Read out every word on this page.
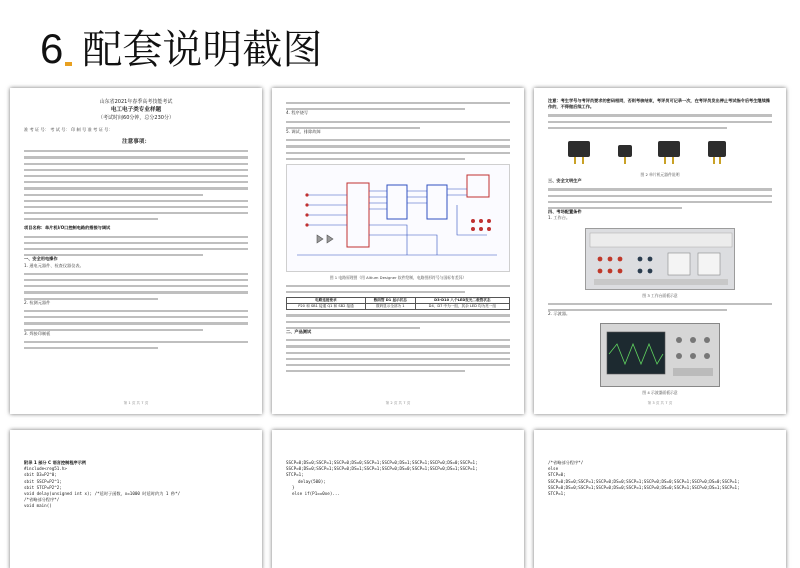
6 配套说明截图
山东省2021年春季高考技能考试
电工电子类专业样题
（考试时间60分钟，总分230分）
准 考 证 号： 考 试 号： 印 制 号 准 考 证 号：
注意事项：
项目名称：单片机I/O口控制电路的搭接与调试
一、安全用电操作
1. 通电元器件、检查仪器仪表。
2. 检测元器件
3. 焊接印制板
第 1 页 共 7 页
4. 程序烧写
5. 调试、排除故障
图 1 电路原理图（用 Altium Designer 软件绘制，电路图形符号与国标有差异）
电路连接要求	数码管 D1 显示状态	D3-D10 八个LED发光二极管状态
P20 和 SB1 接通 Q1 和 SB2 接通	数码显示全部为 1	D4、D7 中为一组，其余 LED 均为亮一组
二、产品测试
第 2 页 共 7 页
注意：考生学号与考评员要求的密码相同，否则考核结束，考评员可记录一次，在考评员发出停止考试指令后考生继续操作的，不得做后续工作。
图 2 单片机元器件说明
三、安全文明生产
四、考场配置条件
1. 工作台。
图 3 工作台面板示意
2. 示波器。
图 4 示波器面板示意
第 3 页 共 7 页
附录 1 部分 C 语言控制程序示例
#include<reg51.h>
sbit D3=P2^0;
sbit SSCP=P2^1;
sbit STCP=P2^2;
void delay(unsigned int x); /*延时子函数，x=1000 时延时约为 1 秒*/
/*省略部分程序*/
void main()
SSCP=0;DS=0;SSCP=1;SSCP=0;DS=0;SSCP=1;SSCP=0;DS=1;SSCP=1;SSCP=0;DS=0;SSCP=1;
SSCP=0;DS=0;SSCP=1;SSCP=0;DS=1;SSCP=1;SSCP=0;DS=0;SSCP=1;SSCP=0;DS=1;SSCP=1;
STCP=1;
delay(500);
}
else if(P1==0xe)...
/*省略部分程序*/
else
STCP=0;
SSCP=0;DS=0;SSCP=1;SSCP=0;DS=0;SSCP=1;SSCP=0;DS=0;SSCP=1;SSCP=0;DS=0;SSCP=1;
SSCP=0;DS=0;SSCP=1;SSCP=0;DS=0;SSCP=1;SSCP=0;DS=0;SSCP=1;SSCP=0;DS=1;SSCP=1;
STCP=1;
